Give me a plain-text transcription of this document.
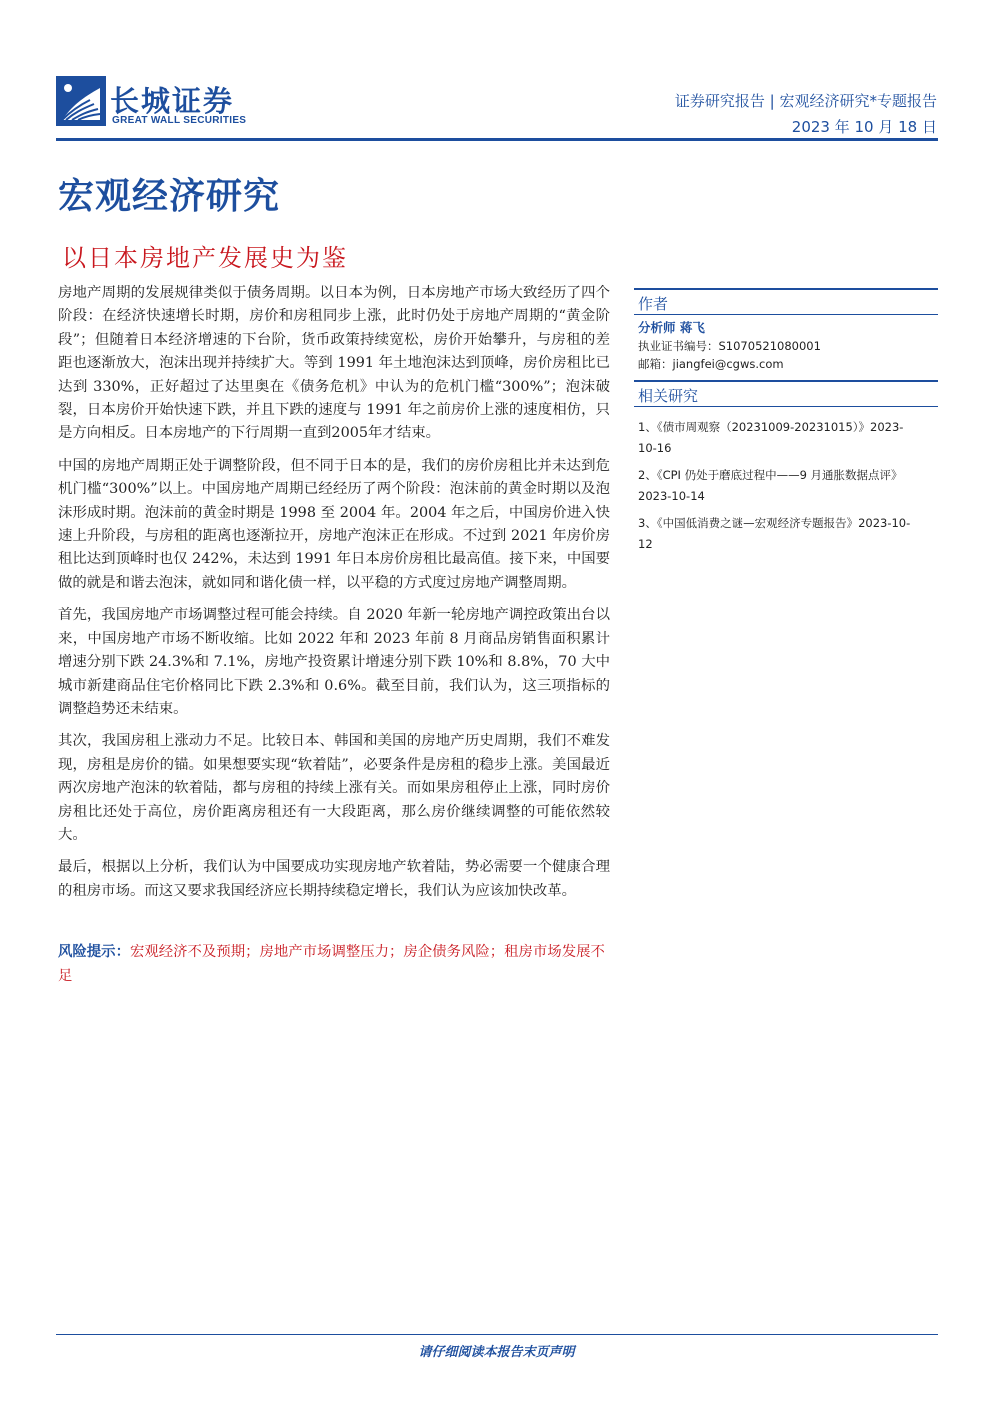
长城证券
GREAT WALL SECURITIES
证券研究报告 | 宏观经济研究*专题报告
2023 年 10 月 18 日
宏观经济研究
以日本房地产发展史为鉴

房地产周期的发展规律类似于债务周期。以日本为例，日本房地产市场大致经历了四个阶段：在经济快速增长时期，房价和房租同步上涨，此时仍处于房地产周期的“黄金阶段”；但随着日本经济增速的下台阶，货币政策持续宽松，房价开始攀升，与房租的差距也逐渐放大，泡沫出现并持续扩大。等到 1991 年土地泡沫达到顶峰，房价房租比已达到 330%，正好超过了达里奥在《债务危机》中认为的危机门槛“300%”；泡沫破裂，日本房价开始快速下跌，并且下跌的速度与 1991 年之前房价上涨的速度相仿，只是方向相反。日本房地产的下行周期一直到2005年才结束。

中国的房地产周期正处于调整阶段，但不同于日本的是，我们的房价房租比并未达到危机门槛“300%”以上。中国房地产周期已经经历了两个阶段：泡沫前的黄金时期以及泡沫形成时期。泡沫前的黄金时期是 1998 至 2004 年。2004 年之后，中国房价进入快速上升阶段，与房租的距离也逐渐拉开，房地产泡沫正在形成。不过到 2021 年房价房租比达到顶峰时也仅 242%，未达到 1991 年日本房价房租比最高值。接下来，中国要做的就是和谐去泡沫，就如同和谐化债一样，以平稳的方式度过房地产调整周期。

首先，我国房地产市场调整过程可能会持续。自 2020 年新一轮房地产调控政策出台以来，中国房地产市场不断收缩。比如 2022 年和 2023 年前 8 月商品房销售面积累计增速分别下跌 24.3%和 7.1%，房地产投资累计增速分别下跌 10%和 8.8%，70 大中城市新建商品住宅价格同比下跌 2.3%和 0.6%。截至目前，我们认为，这三项指标的调整趋势还未结束。

其次，我国房租上涨动力不足。比较日本、韩国和美国的房地产历史周期，我们不难发现，房租是房价的锚。如果想要实现“软着陆”，必要条件是房租的稳步上涨。美国最近两次房地产泡沫的软着陆，都与房租的持续上涨有关。而如果房租停止上涨，同时房价房租比还处于高位，房价距离房租还有一大段距离，那么房价继续调整的可能依然较大。

最后，根据以上分析，我们认为中国要成功实现房地产软着陆，势必需要一个健康合理的租房市场。而这又要求我国经济应长期持续稳定增长，我们认为应该加快改革。

风险提示：宏观经济不及预期；房地产市场调整压力；房企债务风险；租房市场发展不足
作者
分析师 蒋飞
执业证书编号：S1070521080001
邮箱：jiangfei@cgws.com
相关研究
1、《债市周观察（20231009-20231015）》2023-
10-16
2、《CPI 仍处于磨底过程中——9 月通胀数据点评》
2023-10-14
3、《中国低消费之谜—宏观经济专题报告》2023-10-
12
请仔细阅读本报告末页声明
